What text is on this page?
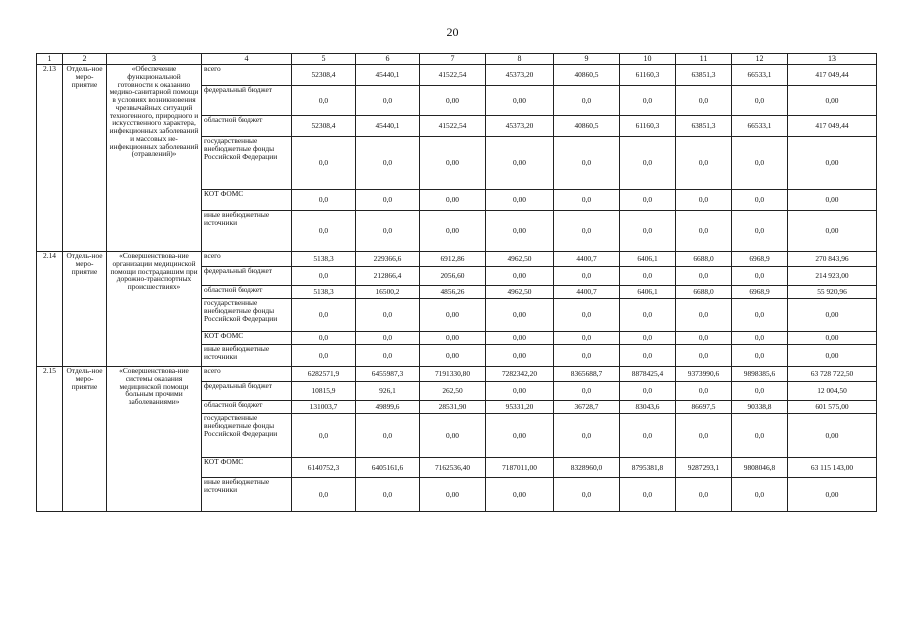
20
1	2	3	4	5	6	7	8	9	10	11	12	13
2.13	Отдель-ное меро-приятие	«Обеспечение функциональной готовности к оказанию медико-санитарной помощи в условиях возникновения чрезвычайных ситуаций техногенного, природного и искусственного характера, инфекционных заболеваний и массовых не-инфекционных заболеваний (отравлений)»	всего	52308,4	45440,1	41522,54	45373,20	40860,5	61160,3	63851,3	66533,1	417 049,44
			федеральный бюджет	0,0	0,0	0,00	0,00	0,0	0,0	0,0	0,0	0,00
			областной бюджет	52308,4	45440,1	41522,54	45373,20	40860,5	61160,3	63851,3	66533,1	417 049,44
			государственные внебюджетные фонды Российской Федерации	0,0	0,0	0,00	0,00	0,0	0,0	0,0	0,0	0,00
			КОТ ФОМС	0,0	0,0	0,00	0,00	0,0	0,0	0,0	0,0	0,00
			иные внебюджетные источники	0,0	0,0	0,00	0,00	0,0	0,0	0,0	0,0	0,00
2.14	Отдель-ное меро-приятие	«Совершенствова-ние организации медицинской помощи пострадавшим при дорожно-транспортных происшествиях»	всего	5138,3	229366,6	6912,86	4962,50	4400,7	6406,1	6688,0	6968,9	270 843,96
			федеральный бюджет	0,0	212866,4	2056,60	0,00	0,0	0,0	0,0	0,0	214 923,00
			областной бюджет	5138,3	16500,2	4856,26	4962,50	4400,7	6406,1	6688,0	6968,9	55 920,96
			государственные внебюджетные фонды Российской Федерации	0,0	0,0	0,00	0,00	0,0	0,0	0,0	0,0	0,00
			КОТ ФОМС	0,0	0,0	0,00	0,00	0,0	0,0	0,0	0,0	0,00
			иные внебюджетные источники	0,0	0,0	0,00	0,00	0,0	0,0	0,0	0,0	0,00
2.15	Отдель-ное меро-приятие	«Совершенствова-ние системы оказания медицинской помощи больным прочими заболеваниями»	всего	6282571,9	6455987,3	7191330,80	7282342,20	8365688,7	8878425,4	9373990,6	9898385,6	63 728 722,50
			федеральный бюджет	10815,9	926,1	262,50	0,00	0,0	0,0	0,0	0,0	12 004,50
			областной бюджет	131003,7	49899,6	28531,90	95331,20	36728,7	83043,6	86697,5	90338,8	601 575,00
			государственные внебюджетные фонды Российской Федерации	0,0	0,0	0,00	0,00	0,0	0,0	0,0	0,0	0,00
			КОТ ФОМС	6140752,3	6405161,6	7162536,40	7187011,00	8328960,0	8795381,8	9287293,1	9808046,8	63 115 143,00
			иные внебюджетные источники	0,0	0,0	0,00	0,00	0,0	0,0	0,0	0,0	0,00
